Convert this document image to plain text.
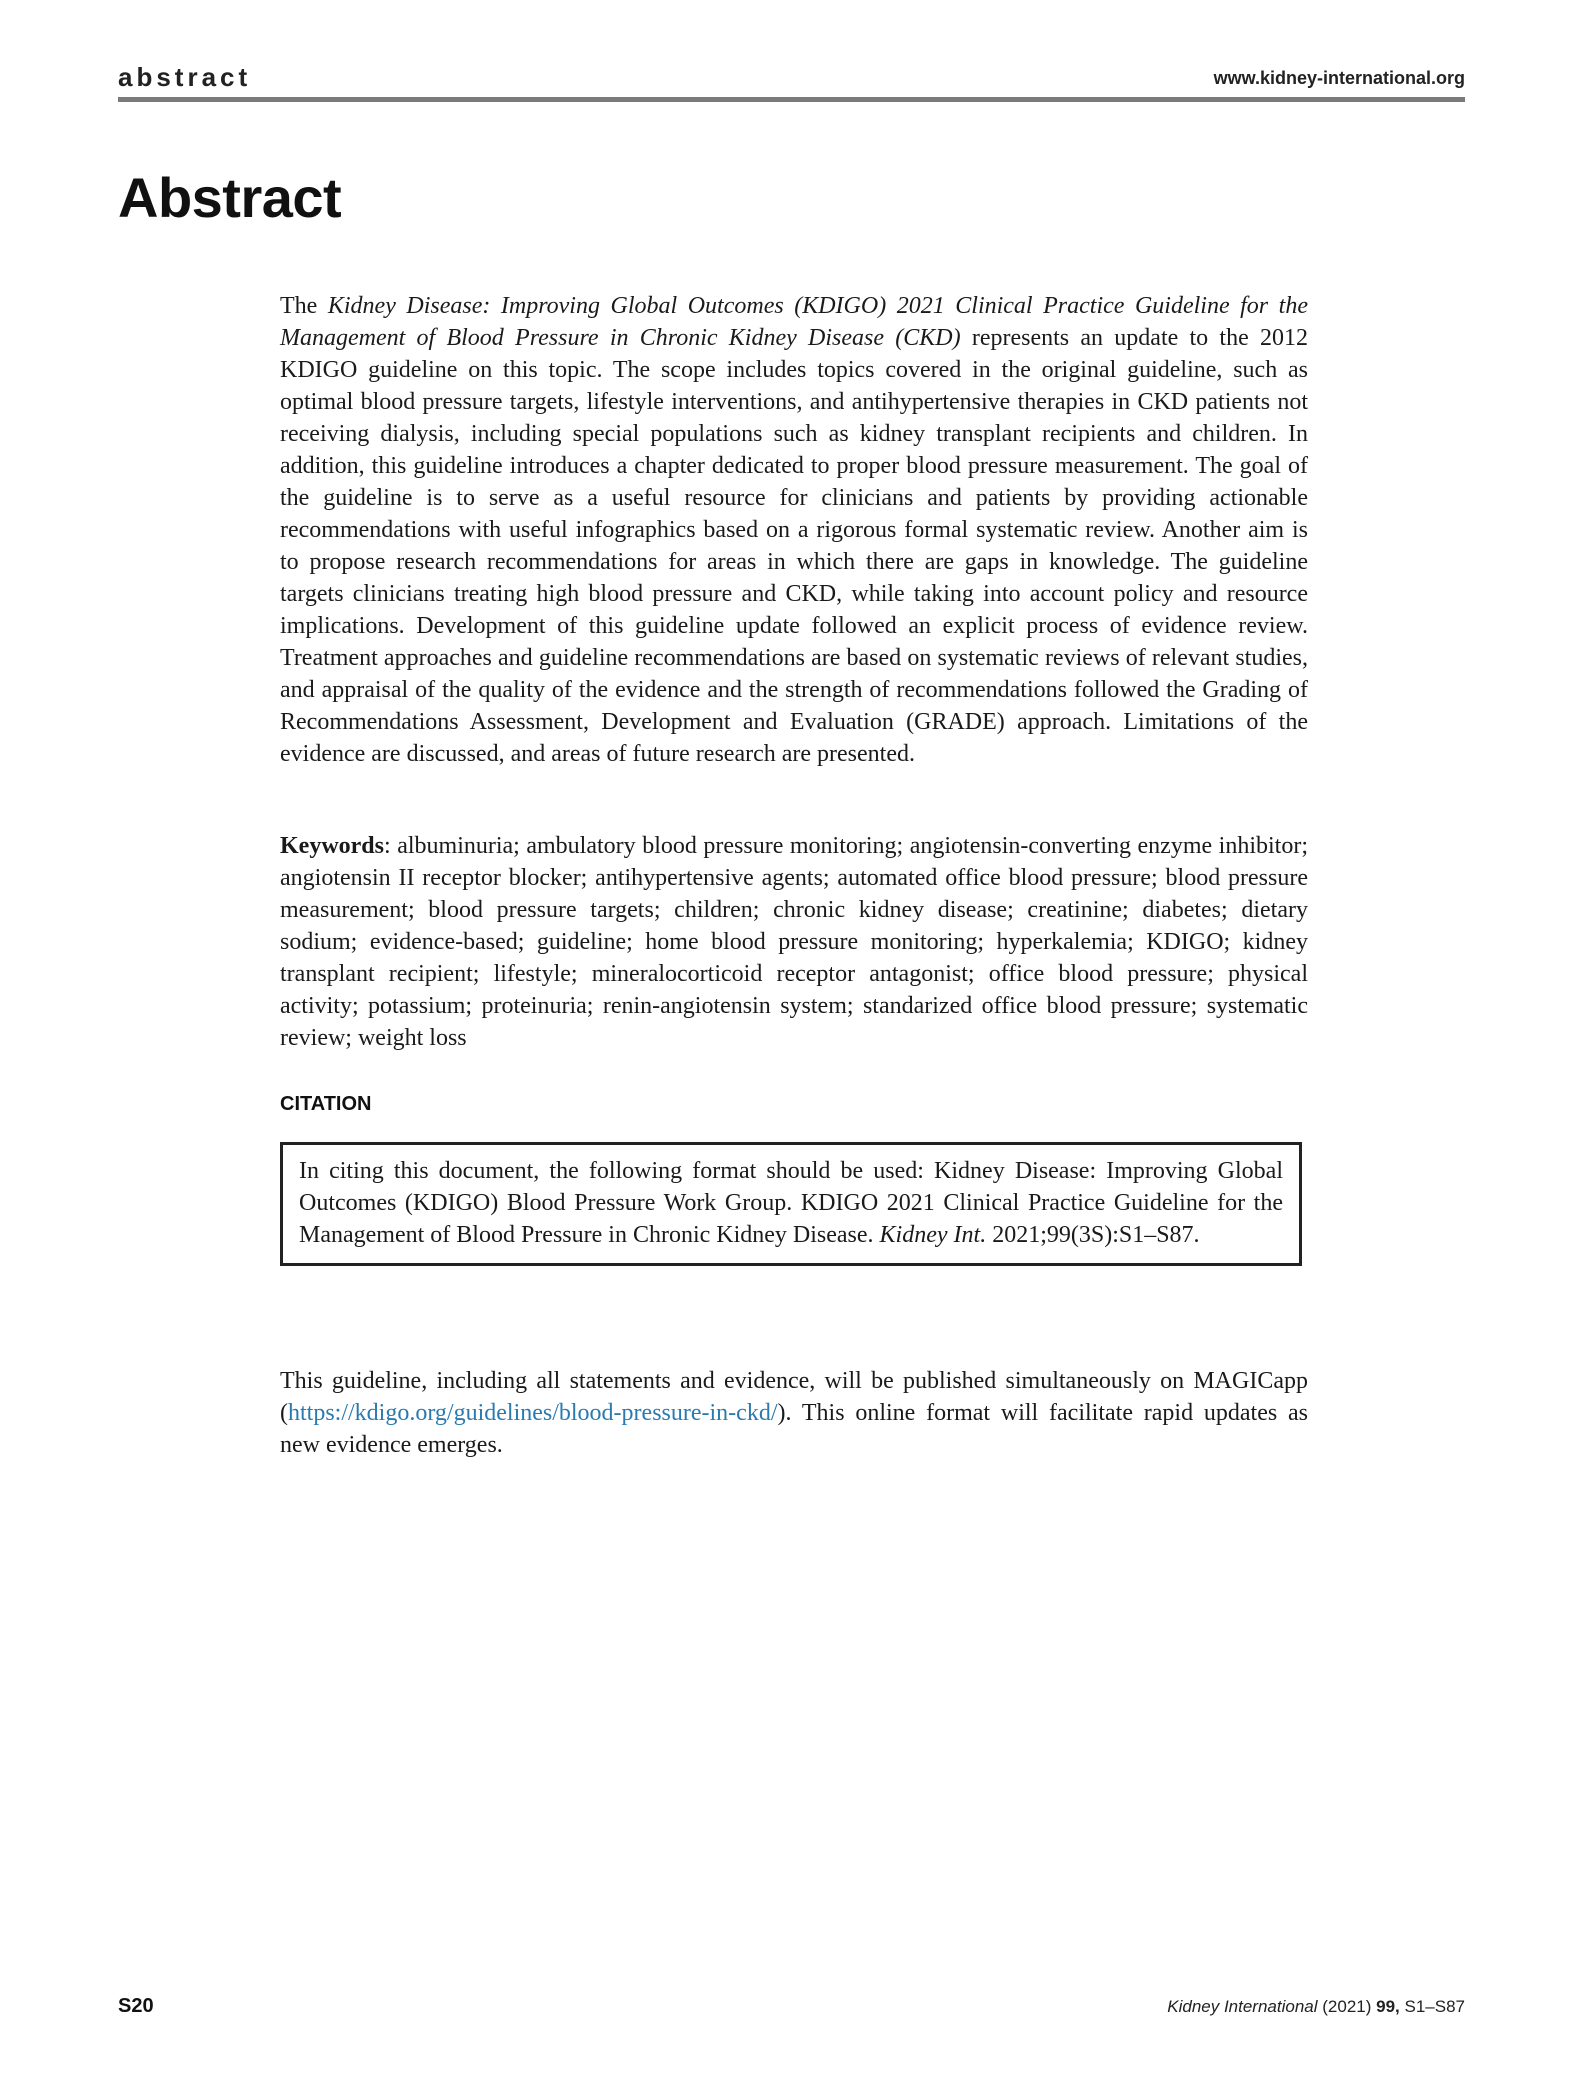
abstract	www.kidney-international.org
Abstract

The Kidney Disease: Improving Global Outcomes (KDIGO) 2021 Clinical Practice Guideline for the Management of Blood Pressure in Chronic Kidney Disease (CKD) represents an update to the 2012 KDIGO guideline on this topic. The scope includes topics covered in the original guideline, such as optimal blood pressure targets, lifestyle interventions, and antihypertensive therapies in CKD patients not receiving dialysis, including special populations such as kidney transplant recipients and children. In addition, this guideline introduces a chapter dedicated to proper blood pressure measurement. The goal of the guideline is to serve as a useful resource for clinicians and patients by providing actionable recommendations with useful infographics based on a rigorous formal systematic review. Another aim is to propose research recommendations for areas in which there are gaps in knowledge. The guideline targets clinicians treating high blood pressure and CKD, while taking into account policy and resource implications. Development of this guideline update followed an explicit process of evidence review. Treatment approaches and guideline recommendations are based on systematic reviews of relevant studies, and appraisal of the quality of the evidence and the strength of recommendations followed the Grading of Recommendations Assessment, Development and Evaluation (GRADE) approach. Limitations of the evidence are discussed, and areas of future research are presented.

Keywords: albuminuria; ambulatory blood pressure monitoring; angiotensin-converting enzyme inhibitor; angiotensin II receptor blocker; antihypertensive agents; automated office blood pressure; blood pressure measurement; blood pressure targets; children; chronic kidney disease; creatinine; diabetes; dietary sodium; evidence-based; guideline; home blood pressure monitoring; hyperkalemia; KDIGO; kidney transplant recipient; lifestyle; mineralocorticoid receptor antagonist; office blood pressure; physical activity; potassium; proteinuria; renin-angiotensin system; standarized office blood pressure; systematic review; weight loss

CITATION
In citing this document, the following format should be used: Kidney Disease: Improving Global Outcomes (KDIGO) Blood Pressure Work Group. KDIGO 2021 Clinical Practice Guideline for the Management of Blood Pressure in Chronic Kidney Disease. Kidney Int. 2021;99(3S):S1–S87.

This guideline, including all statements and evidence, will be published simultaneously on MAGICapp (https://kdigo.org/guidelines/blood-pressure-in-ckd/). This online format will facilitate rapid updates as new evidence emerges.

S20	Kidney International (2021) 99, S1–S87
